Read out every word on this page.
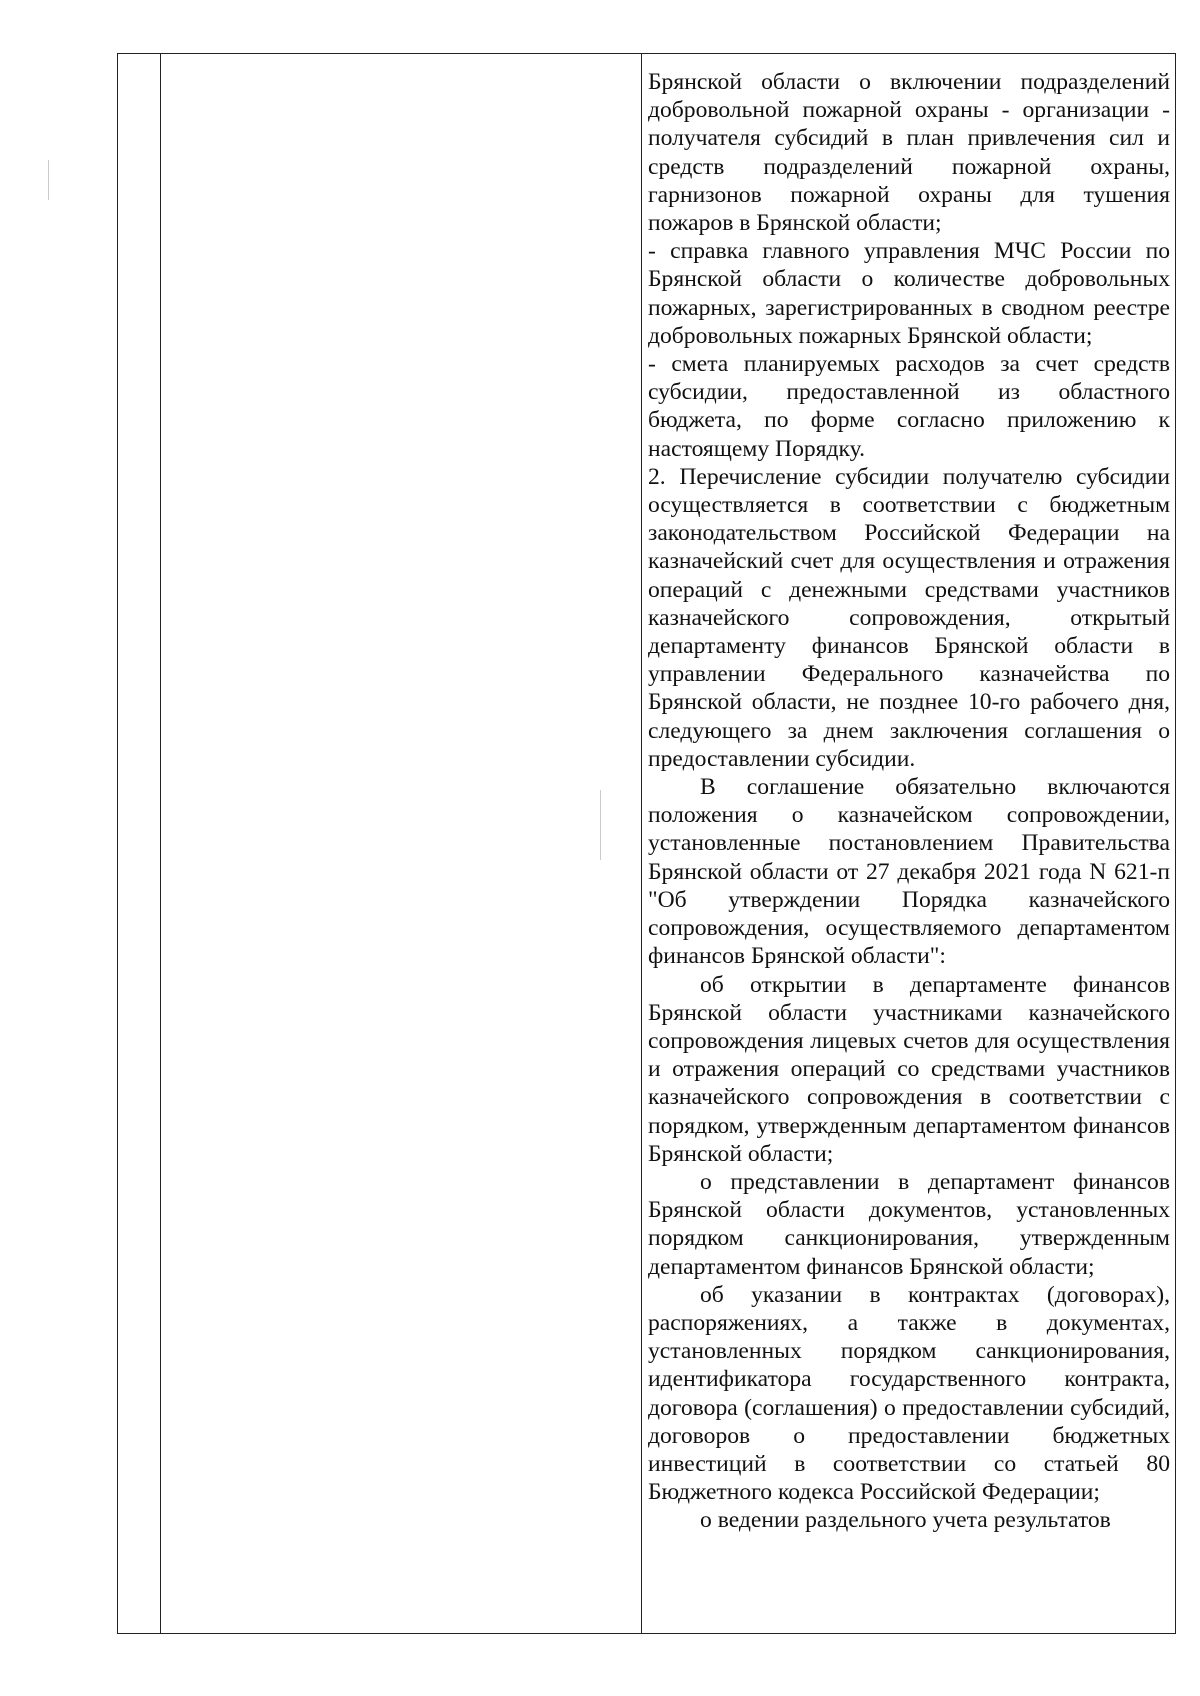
Брянской области о включении подразделений добровольной пожарной охраны - организации - получателя субсидий в план привлечения сил и средств подразделений пожарной охраны, гарнизонов пожарной охраны для тушения пожаров в Брянской области;

- справка главного управления МЧС России по Брянской области о количестве добровольных пожарных, зарегистрированных в сводном реестре добровольных пожарных Брянской области;

- смета планируемых расходов за счет средств субсидии, предоставленной из областного бюджета, по форме согласно приложению к настоящему Порядку.

2. Перечисление субсидии получателю субсидии осуществляется в соответствии с бюджетным законодательством Российской Федерации на казначейский счет для осуществления и отражения операций с денежными средствами участников казначейского сопровождения, открытый департаменту финансов Брянской области в управлении Федерального казначейства по Брянской области, не позднее 10-го рабочего дня, следующего за днем заключения соглашения о предоставлении субсидии.

В соглашение обязательно включаются положения о казначейском сопровождении, установленные постановлением Правительства Брянской области от 27 декабря 2021 года N 621-п "Об утверждении Порядка казначейского сопровождения, осуществляемого департаментом финансов Брянской области":

об открытии в департаменте финансов Брянской области участниками казначейского сопровождения лицевых счетов для осуществления и отражения операций со средствами участников казначейского сопровождения в соответствии с порядком, утвержденным департаментом финансов Брянской области;

о представлении в департамент финансов Брянской области документов, установленных порядком санкционирования, утвержденным департаментом финансов Брянской области;

об указании в контрактах (договорах), распоряжениях, а также в документах, установленных порядком санкционирования, идентификатора государственного контракта, договора (соглашения) о предоставлении субсидий, договоров о предоставлении бюджетных инвестиций в соответствии со статьей 80 Бюджетного кодекса Российской Федерации;

о ведении раздельного учета результатов
